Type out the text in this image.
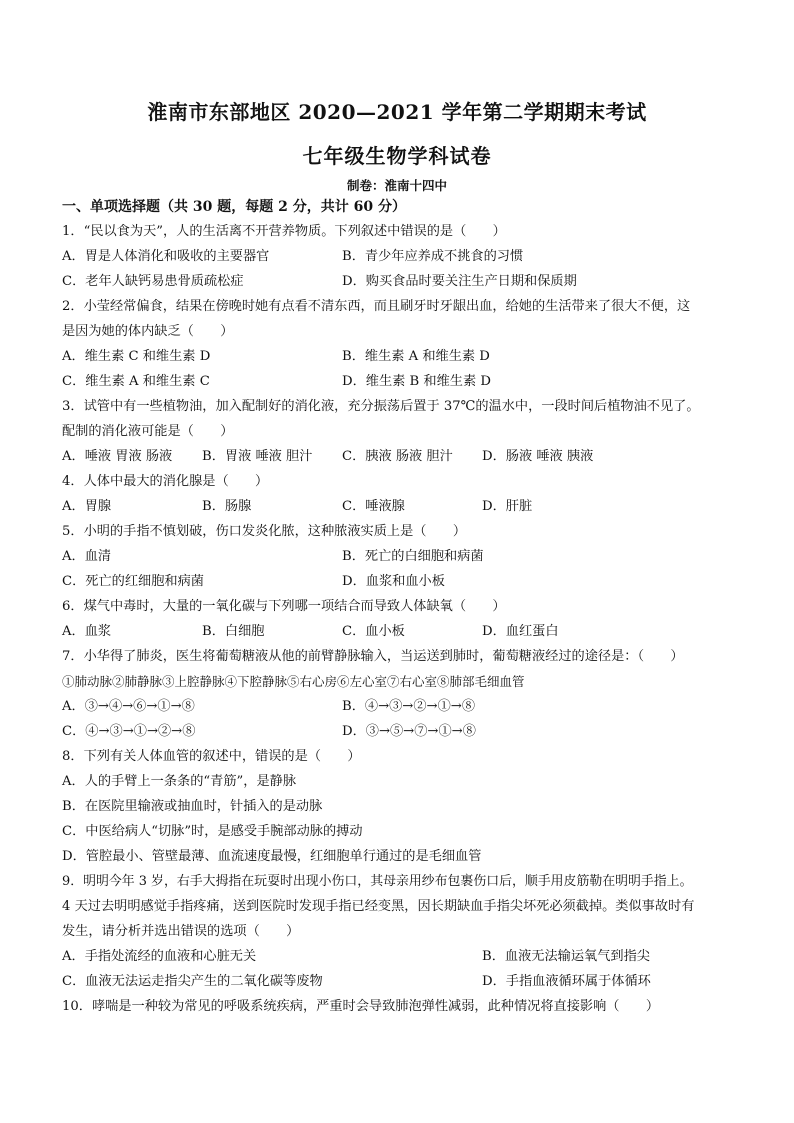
淮南市东部地区 2020—2021 学年第二学期期末考试
七年级生物学科试卷
制卷：淮南十四中
一、单项选择题（共 30 题，每题 2 分，共计 60 分）
1．“民以食为天”，人的生活离不开营养物质。下列叙述中错误的是（　　）
A．胃是人体消化和吸收的主要器官	B．青少年应养成不挑食的习惯
C．老年人缺钙易患骨质疏松症	D．购买食品时要关注生产日期和保质期
2．小莹经常偏食，结果在傍晚时她有点看不清东西，而且刷牙时牙龈出血，给她的生活带来了很大不便，这
是因为她的体内缺乏（　　）
A．维生素 C 和维生素 D	B．维生素 A 和维生素 D
C．维生素 A 和维生素 C	D．维生素 B 和维生素 D
3．试管中有一些植物油，加入配制好的消化液，充分振荡后置于 37℃的温水中，一段时间后植物油不见了。
配制的消化液可能是（　　）
A．唾液 胃液 肠液 B．胃液 唾液 胆汁 C．胰液 肠液 胆汁 D．肠液 唾液 胰液
4．人体中最大的消化腺是（　　）
A．胃腺	B．肠腺	C．唾液腺	D．肝脏
5．小明的手指不慎划破，伤口发炎化脓，这种脓液实质上是（　　）
A．血清	B．死亡的白细胞和病菌
C．死亡的红细胞和病菌	D．血浆和血小板
6．煤气中毒时，大量的一氧化碳与下列哪一项结合而导致人体缺氧（　　）
A．血浆	B．白细胞	C．血小板	D．血红蛋白
7．小华得了肺炎，医生将葡萄糖液从他的前臂静脉输入，当运送到肺时，葡萄糖液经过的途径是：（　　）
①肺动脉②肺静脉③上腔静脉④下腔静脉⑤右心房⑥左心室⑦右心室⑧肺部毛细血管
A．③→④→⑥→①→⑧	B．④→③→②→①→⑧
C．④→③→①→②→⑧	D．③→⑤→⑦→①→⑧
8．下列有关人体血管的叙述中，错误的是（　　）
A．人的手臂上一条条的“青筋”，是静脉
B．在医院里输液或抽血时，针插入的是动脉
C．中医给病人“切脉”时，是感受手腕部动脉的搏动
D．管腔最小、管壁最薄、血流速度最慢，红细胞单行通过的是毛细血管
9．明明今年 3 岁，右手大拇指在玩耍时出现小伤口，其母亲用纱布包裹伤口后，顺手用皮筋勒在明明手指上。
4 天过去明明感觉手指疼痛，送到医院时发现手指已经变黑，因长期缺血手指尖坏死必须截掉。类似事故时有
发生，请分析并选出错误的选项（　　）
A．手指处流经的血液和心脏无关	B．血液无法输运氧气到指尖
C．血液无法运走指尖产生的二氧化碳等废物	D．手指血液循环属于体循环
10．哮喘是一种较为常见的呼吸系统疾病，严重时会导致肺泡弹性减弱，此种情况将直接影响（　　）
